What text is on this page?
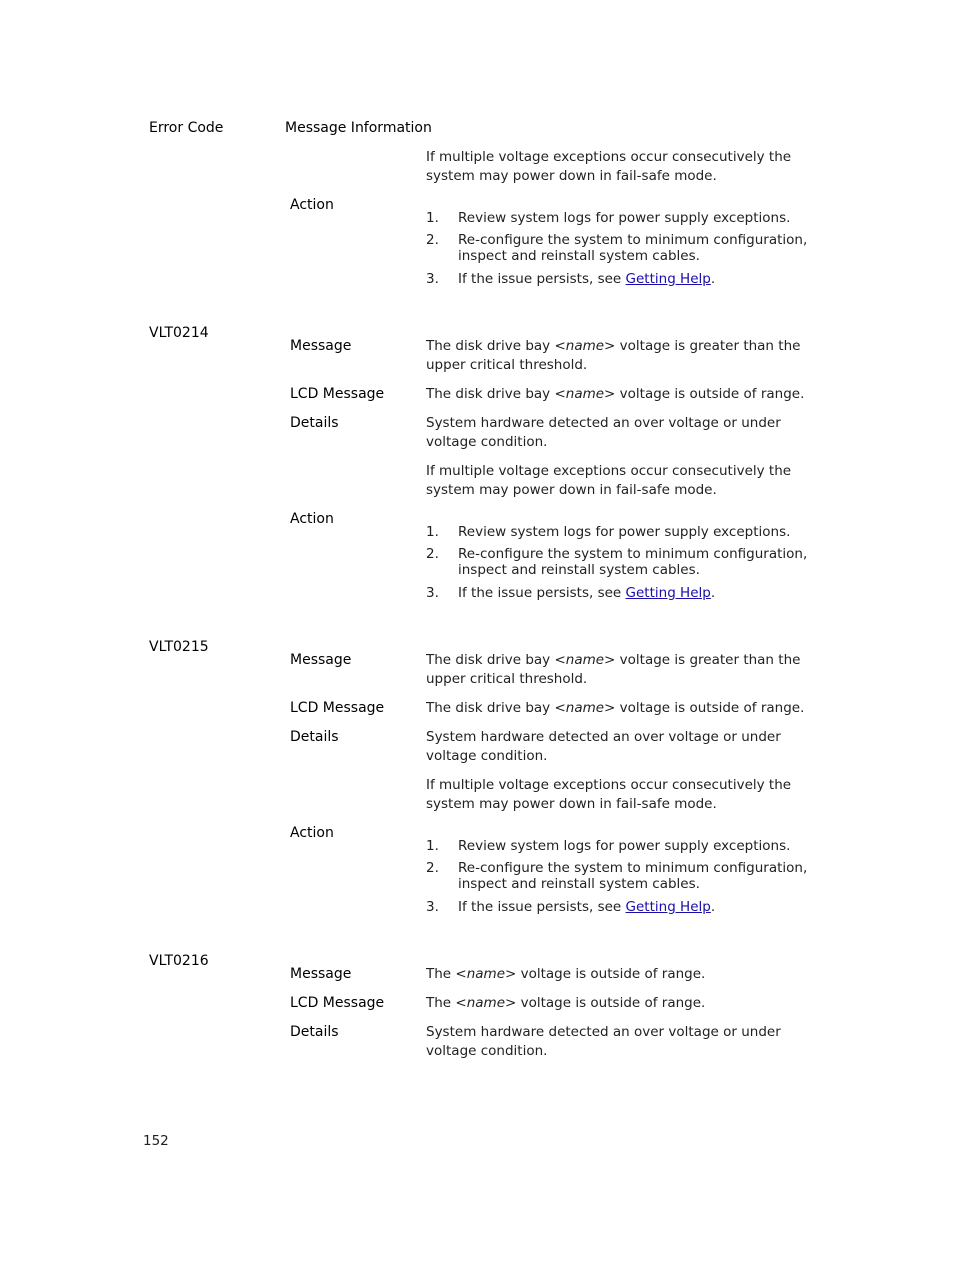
Error Code	Message Information
If multiple voltage exceptions occur consecutively the system may power down in fail-safe mode.
Action
1. Review system logs for power supply exceptions.
2. Re-configure the system to minimum configuration, inspect and reinstall system cables.
3. If the issue persists, see Getting Help.
VLT0214
Message	The disk drive bay <name> voltage is greater than the upper critical threshold.
LCD Message	The disk drive bay <name> voltage is outside of range.
Details	System hardware detected an over voltage or under voltage condition.
If multiple voltage exceptions occur consecutively the system may power down in fail-safe mode.
Action
1. Review system logs for power supply exceptions.
2. Re-configure the system to minimum configuration, inspect and reinstall system cables.
3. If the issue persists, see Getting Help.
VLT0215
Message	The disk drive bay <name> voltage is greater than the upper critical threshold.
LCD Message	The disk drive bay <name> voltage is outside of range.
Details	System hardware detected an over voltage or under voltage condition.
If multiple voltage exceptions occur consecutively the system may power down in fail-safe mode.
Action
1. Review system logs for power supply exceptions.
2. Re-configure the system to minimum configuration, inspect and reinstall system cables.
3. If the issue persists, see Getting Help.
VLT0216
Message	The <name> voltage is outside of range.
LCD Message	The <name> voltage is outside of range.
Details	System hardware detected an over voltage or under voltage condition.
152
